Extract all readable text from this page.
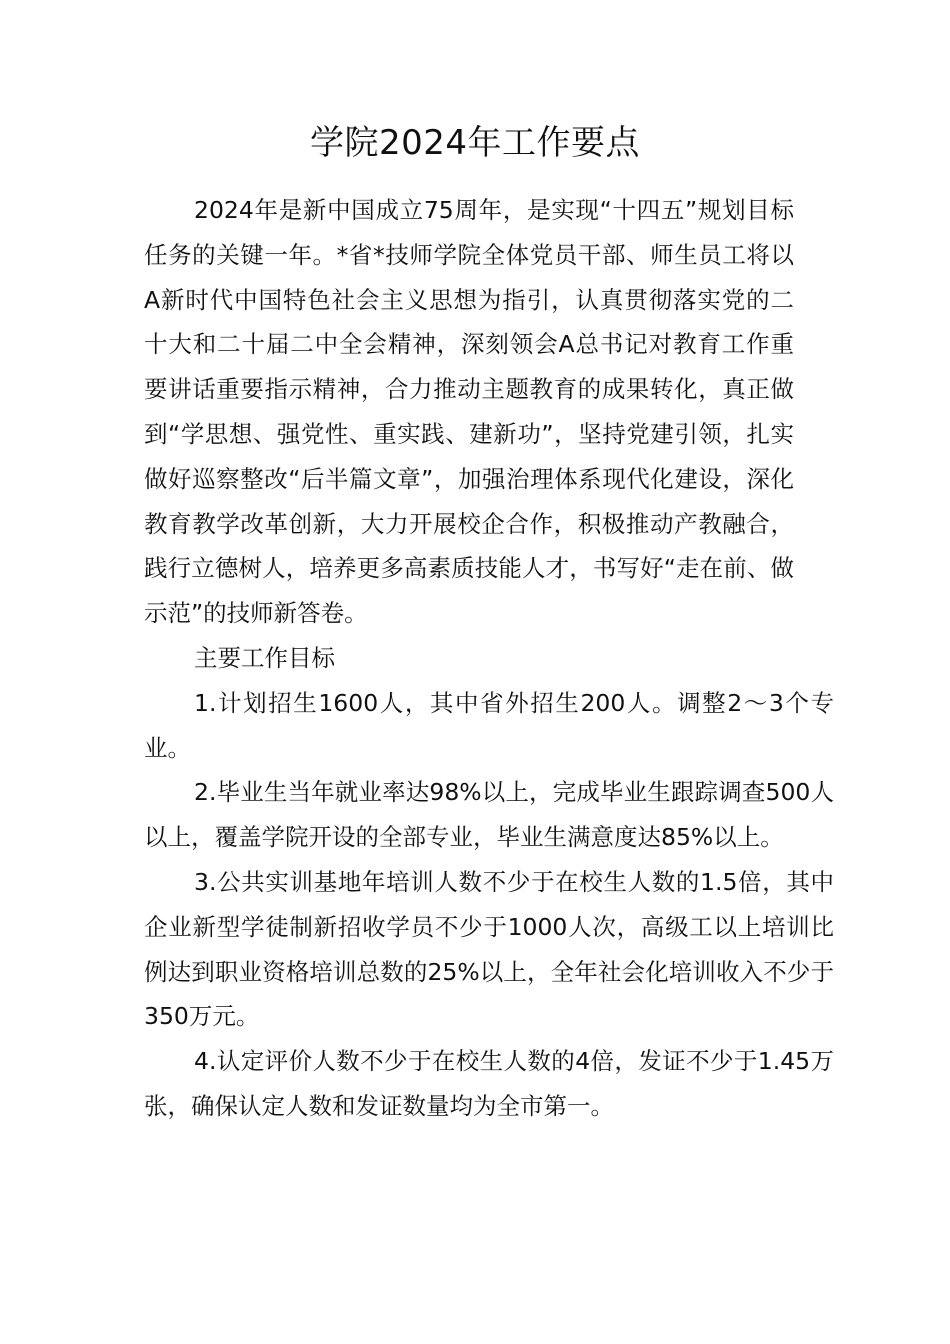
学院2024年工作要点

2024年是新中国成立75周年，是实现“十四五”规划目标任务的关键一年。*省*技师学院全体党员干部、师生员工将以A新时代中国特色社会主义思想为指引，认真贯彻落实党的二十大和二十届二中全会精神，深刻领会A总书记对教育工作重要讲话重要指示精神，合力推动主题教育的成果转化，真正做到“学思想、强党性、重实践、建新功”，坚持党建引领，扎实做好巡察整改“后半篇文章”，加强治理体系现代化建设，深化教育教学改革创新，大力开展校企合作，积极推动产教融合，践行立德树人，培养更多高素质技能人才，书写好“走在前、做示范”的技师新答卷。

主要工作目标

1.计划招生1600人，其中省外招生200人。调整2～3个专业。

2.毕业生当年就业率达98%以上，完成毕业生跟踪调查500人以上，覆盖学院开设的全部专业，毕业生满意度达85%以上。

3.公共实训基地年培训人数不少于在校生人数的1.5倍，其中企业新型学徒制新招收学员不少于1000人次，高级工以上培训比例达到职业资格培训总数的25%以上，全年社会化培训收入不少于350万元。

4.认定评价人数不少于在校生人数的4倍，发证不少于1.45万张，确保认定人数和发证数量均为全市第一。
